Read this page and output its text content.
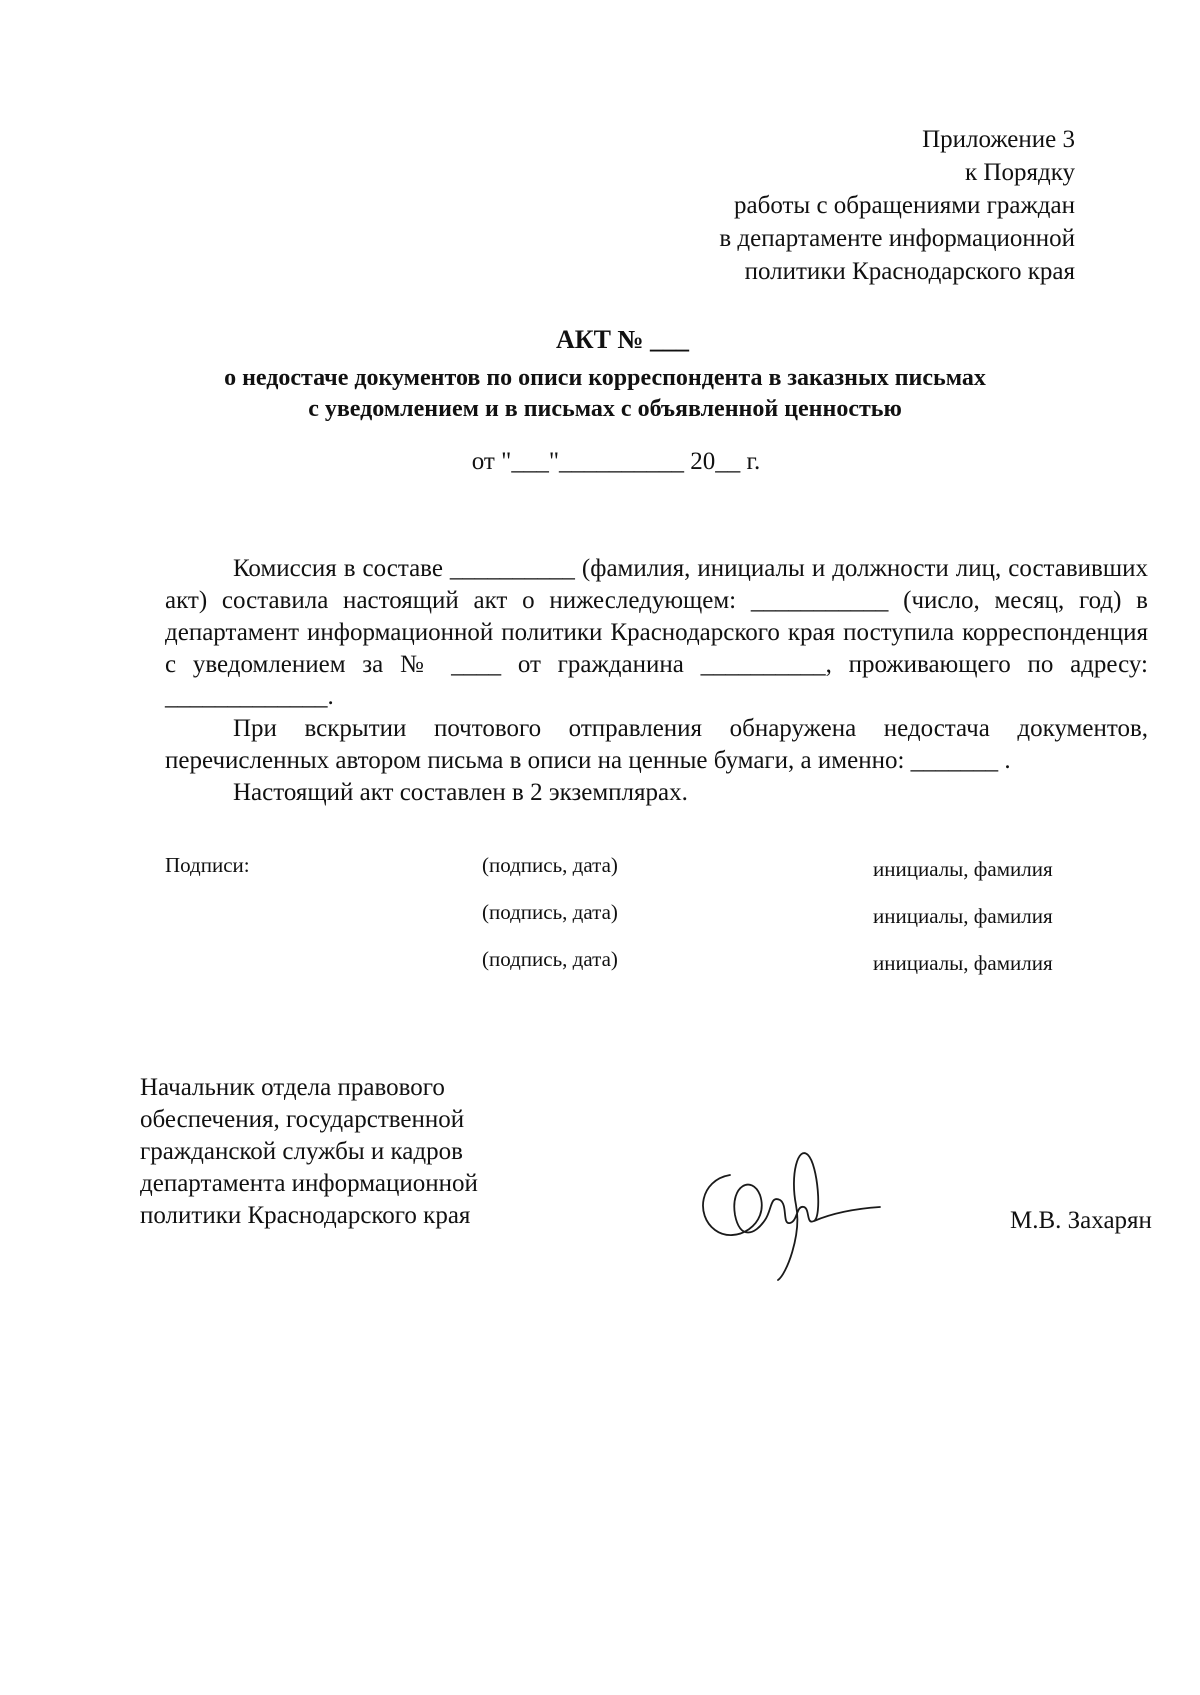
Приложение 3
к Порядку
работы с обращениями граждан
в департаменте информационной
политики Краснодарского края
АКТ № ___
о недостаче документов по описи корреспондента в заказных письмах
с уведомлением и в письмах с объявленной ценностью
от "___"__________ 20__ г.

Комиссия в составе __________ (фамилия, инициалы и должности лиц, составивших акт) составила настоящий акт о нижеследующем: ___________ (число, месяц, год) в департамент информационной политики Краснодарского края поступила корреспонденция с уведомлением за № ____ от гражданина __________, проживающего по адресу: _____________.

При вскрытии почтового отправления обнаружена недостача документов, перечисленных автором письма в описи на ценные бумаги, а именно: _______ .

Настоящий акт составлен в 2 экземплярах.

Подписи:	(подпись, дата)	инициалы, фамилия
(подпись, дата)	инициалы, фамилия
(подпись, дата)	инициалы, фамилия
Начальник отдела правового
обеспечения, государственной
гражданской службы и кадров
департамента информационной
политики Краснодарского края	М.В. Захарян
